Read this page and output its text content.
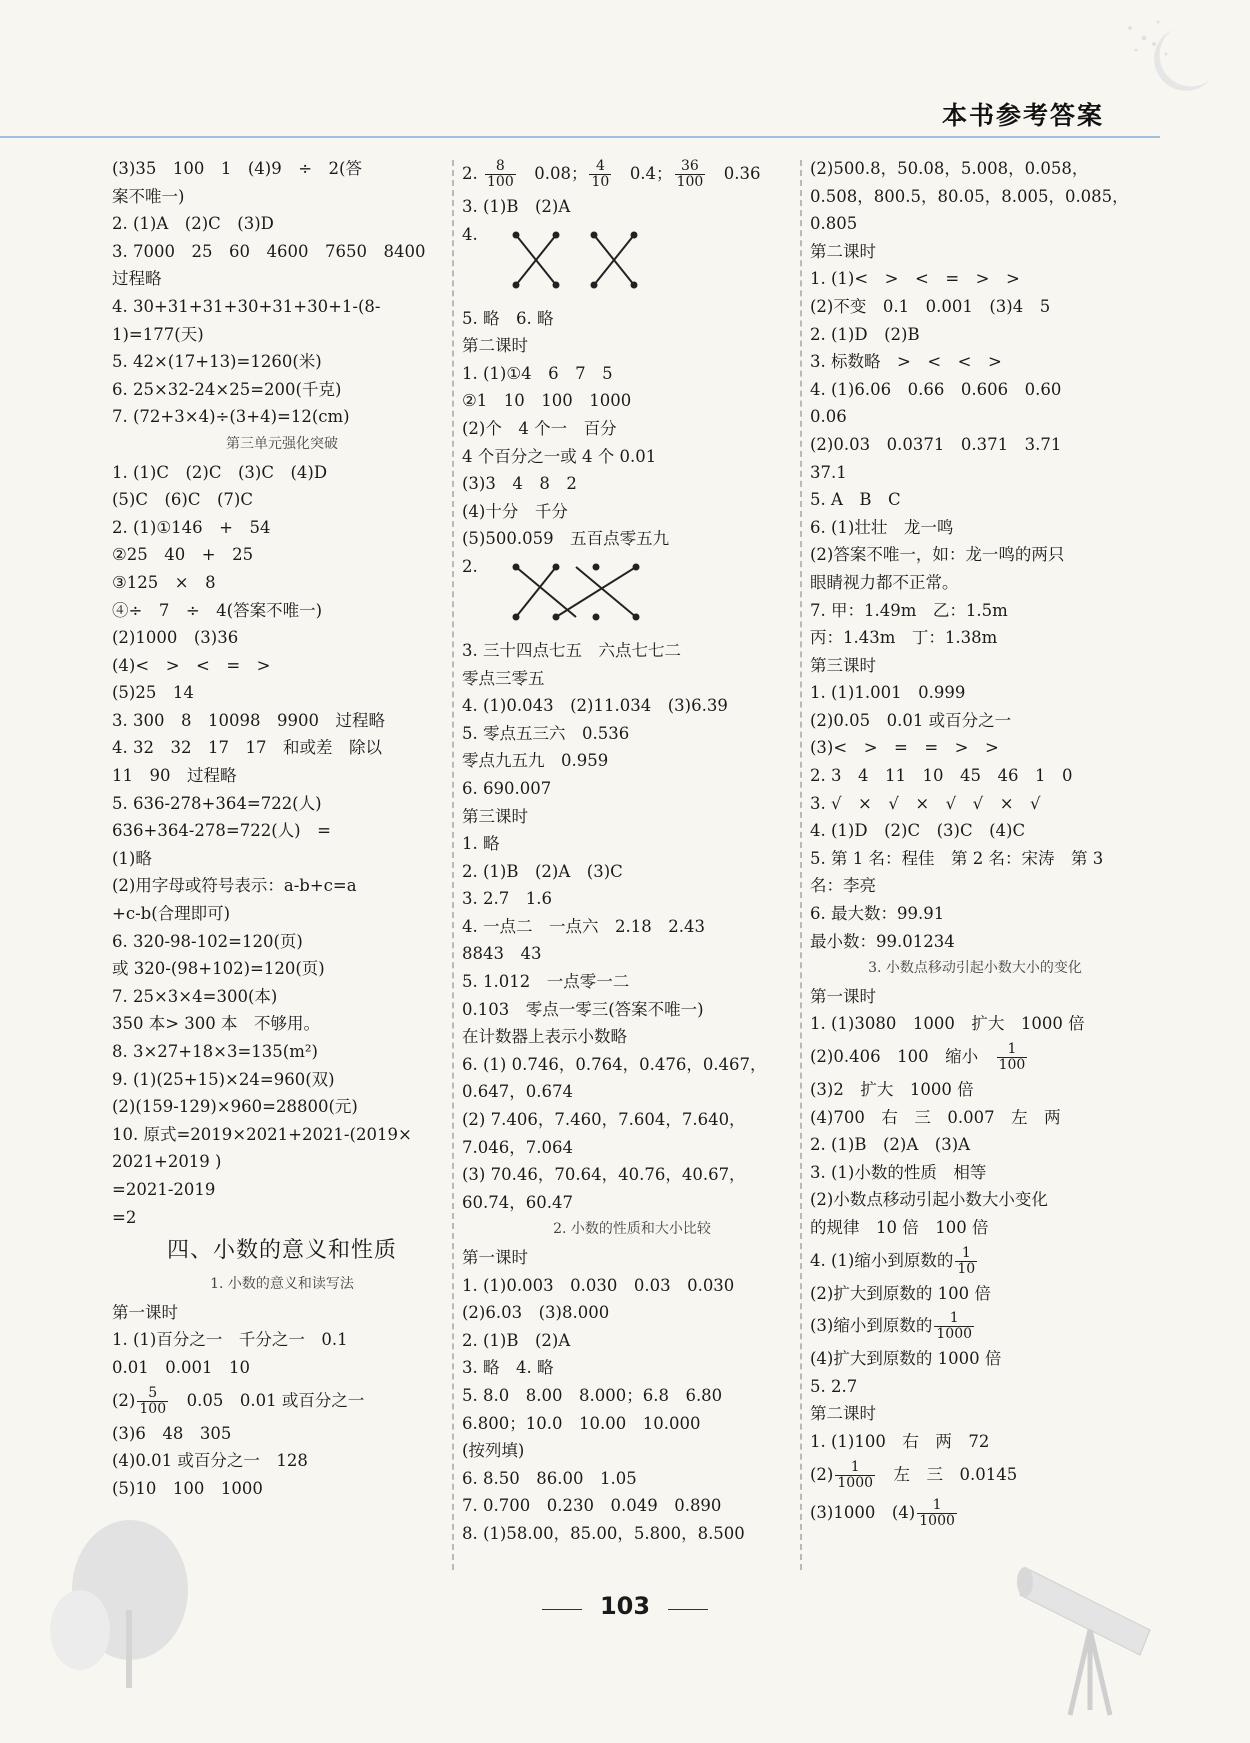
本书参考答案
(3)35　100　1　(4)9　÷　2(答
案不唯一)
2. (1)A　(2)C　(3)D
3. 7000　25　60　4600　7650　8400
过程略
4. 30+31+31+30+31+30+1-(8-
1)=177(天)
5. 42×(17+13)=1260(米)
6. 25×32-24×25=200(千克)
7. (72+3×4)÷(3+4)=12(cm)
第三单元强化突破
1. (1)C　(2)C　(3)C　(4)D
(5)C　(6)C　(7)C
2. (1)①146　+　54
②25　40　+　25
③125　×　8
④÷　7　÷　4(答案不唯一)
(2)1000　(3)36
(4)<　>　<　=　>
(5)25　14
3. 300　8　10098　9900　过程略
4. 32　32　17　17　和或差　除以
11　90　过程略
5. 636-278+364=722(人)
636+364-278=722(人)　=
(1)略
(2)用字母或符号表示：a-b+c=a
+c-b(合理即可)
6. 320-98-102=120(页)
或 320-(98+102)=120(页)
7. 25×3×4=300(本)
350 本> 300 本　不够用。
8. 3×27+18×3=135(m²)
9. (1)(25+15)×24=960(双)
(2)(159-129)×960=28800(元)
10. 原式=2019×2021+2021-(2019×
2021+2019 )
=2021-2019
=2
四、小数的意义和性质
1. 小数的意义和读写法
第一课时
1. (1)百分之一　千分之一　0.1
0.01　0.001　10
$(2) \frac{5}{100}$ 　0.05　0.01 或百分之一
(3)6　48　305
(4)0.01 或百分之一　128
(5)10　100　1000
2. $\frac{8}{100}$ 　0.08； $\frac{4}{10}$ 　0.4； $\frac{36}{100}$ 　0.36
3. (1)B　(2)A
4.
5. 略　6. 略
第二课时
1. (1)①4　6　7　5
②1　10　100　1000
(2)个　4 个一　百分
4 个百分之一或 4 个 0.01
(3)3　4　8　2
(4)十分　千分
(5)500.059　五百点零五九
2.
3. 三十四点七五　六点七七二
零点三零五
4. (1)0.043　(2)11.034　(3)6.39
5. 零点五三六　0.536
零点九五九　0.959
6. 690.007
第三课时
1. 略
2. (1)B　(2)A　(3)C
3. 2.7　1.6
4. 一点二　一点六　2.18　2.43
8843　43
5. 1.012　一点零一二
0.103　零点一零三(答案不唯一)
在计数器上表示小数略
6. (1) 0.746，0.764，0.476，0.467，
0.647，0.674
(2) 7.406，7.460，7.604，7.640，
7.046，7.064
(3) 70.46，70.64，40.76，40.67，
60.74，60.47
2. 小数的性质和大小比较
第一课时
1. (1)0.003　0.030　0.03　0.030
(2)6.03　(3)8.000
2. (1)B　(2)A
3. 略　4. 略
5. 8.0　8.00　8.000；6.8　6.80
6.800；10.0　10.00　10.000
(按列填)
6. 8.50　86.00　1.05
7. 0.700　0.230　0.049　0.890
8. (1)58.00，85.00，5.800，8.500
(2)500.8，50.08，5.008，0.058，
0.508，800.5，80.05，8.005，0.085，
0.805
第二课时
1. (1)<　>　<　=　>　>
(2)不变　0.1　0.001　(3)4　5
2. (1)D　(2)B
3. 标数略　>　<　<　>
4. (1)6.06　0.66　0.606　0.60
0.06
(2)0.03　0.0371　0.371　3.71
37.1
5. A　B　C
6. (1)壮壮　龙一鸣
(2)答案不唯一，如：龙一鸣的两只
眼睛视力都不正常。
7. 甲：1.49m　乙：1.5m
丙：1.43m　丁：1.38m
第三课时
1. (1)1.001　0.999
(2)0.05　0.01 或百分之一
(3)<　>　=　=　>　>
2. 3　4　11　10　45　46　1　0
3. √　×　√　×　√　√　×　√
4. (1)D　(2)C　(3)C　(4)C
5. 第 1 名：程佳　第 2 名：宋涛　第 3
名：李亮
6. 最大数：99.91
最小数：99.01234
3. 小数点移动引起小数大小的变化
第一课时
1. (1)3080　1000　扩大　1000 倍
(2)0.406　100　缩小　 $\frac{1}{100}$
(3)2　扩大　1000 倍
(4)700　右　三　0.007　左　两
2. (1)B　(2)A　(3)A
3. (1)小数的性质　相等
(2)小数点移动引起小数大小变化
的规律　10 倍　100 倍
4. (1)缩小到原数的 $\frac{1}{10}$
(2)扩大到原数的 100 倍
(3)缩小到原数的 $\frac{1}{1000}$
(4)扩大到原数的 1000 倍
5. 2.7
第二课时
1. (1)100　右　两　72
$(2) \frac{1}{1000}$ 　左　三　0.0145
(3)1000　$(4) \frac{1}{1000}$
103
